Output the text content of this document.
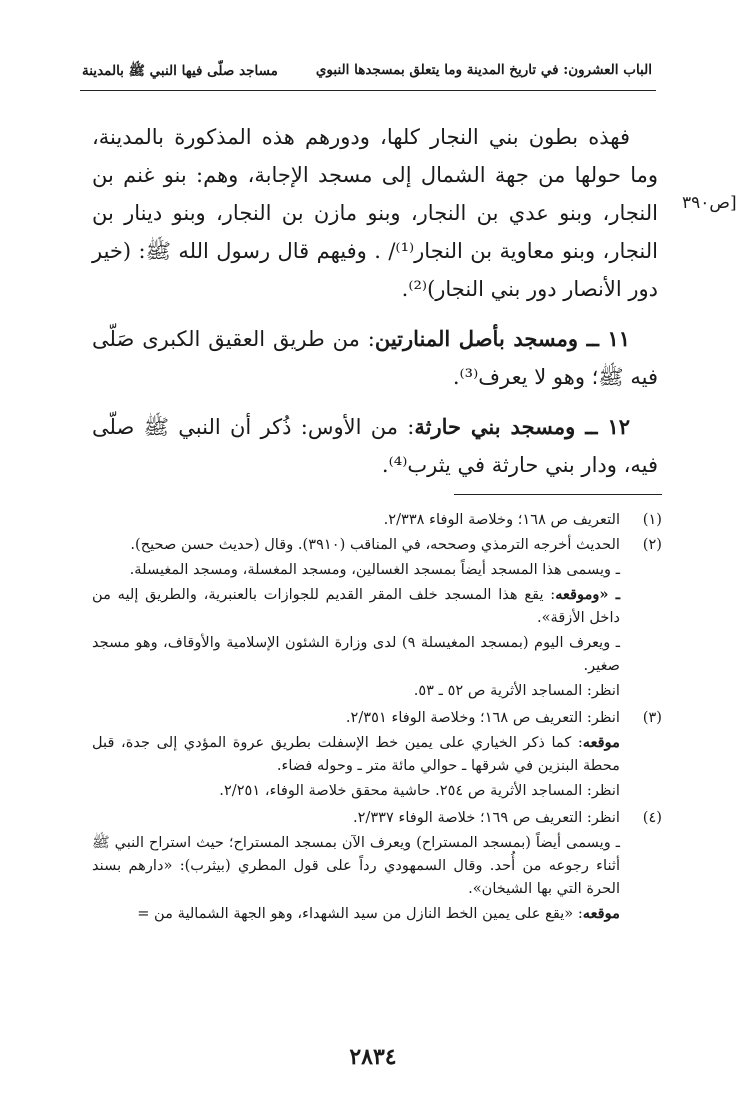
الباب العشرون: في تاريخ المدينة وما يتعلق بمسجدها النبوي
مساجد صلّى فيها النبي ﷺ بالمدينة
[ص٣٩٠

فهذه بطون بني النجار كلها، ودورهم هذه المذكورة بالمدينة، وما حولها من جهة الشمال إلى مسجد الإجابة، وهم: بنو غنم بن النجار، وبنو عدي بن النجار، وبنو مازن بن النجار، وبنو دينار بن النجار، وبنو معاوية بن النجار⁽¹⁾/ . وفيهم قال رسول الله ﷺ: (خير دور الأنصار دور بني النجار)⁽²⁾.

١١ ــ ومسجد بأصل المنارتين: من طريق العقيق الكبرى صَلّى فيه ﷺ؛ وهو لا يعرف⁽³⁾.

١٢ ــ ومسجد بني حارثة: من الأوس: ذُكر أن النبي ﷺ صلّى فيه، ودار بني حارثة في يثرب⁽⁴⁾.

(١)
التعريف ص ١٦٨؛ وخلاصة الوفاء ٢/٣٣٨.
(٢)
الحديث أخرجه الترمذي وصححه، في المناقب (٣٩١٠). وقال (حديث حسن صحيح).
ـ ويسمى هذا المسجد أيضاً بمسجد الغسالين، ومسجد المغسلة، ومسجد المغيسلة.
ـ «وموقعه: يقع هذا المسجد خلف المقر القديم للجوازات بالعنبرية، والطريق إليه من داخل الأزقة».
ـ ويعرف اليوم (بمسجد المغيسلة ٩) لدى وزارة الشئون الإسلامية والأوقاف، وهو مسجد صغير.
انظر: المساجد الأثرية ص ٥٢ ـ ٥٣.
(٣)
انظر: التعريف ص ١٦٨؛ وخلاصة الوفاء ٢/٣٥١.
موقعه: كما ذكر الخياري على يمين خط الإسفلت بطريق عروة المؤدي إلى جدة، قبل محطة البنزين في شرقها ـ حوالي مائة متر ـ وحوله فضاء.
انظر: المساجد الأثرية ص ٢٥٤. حاشية محقق خلاصة الوفاء، ٢/٢٥١.
(٤)
انظر: التعريف ص ١٦٩؛ خلاصة الوفاء ٢/٣٣٧.
ـ ويسمى أيضاً (بمسجد المستراح) ويعرف الآن بمسجد المستراح؛ حيث استراح النبي ﷺ أثناء رجوعه من أُحد. وقال السمهودي رداً على قول المطري (بيثرب): «دارهم بسند الحرة التي بها الشيخان».
موقعه: «يقع على يمين الخط النازل من سيد الشهداء، وهو الجهة الشمالية من =
٢٨٣٤
